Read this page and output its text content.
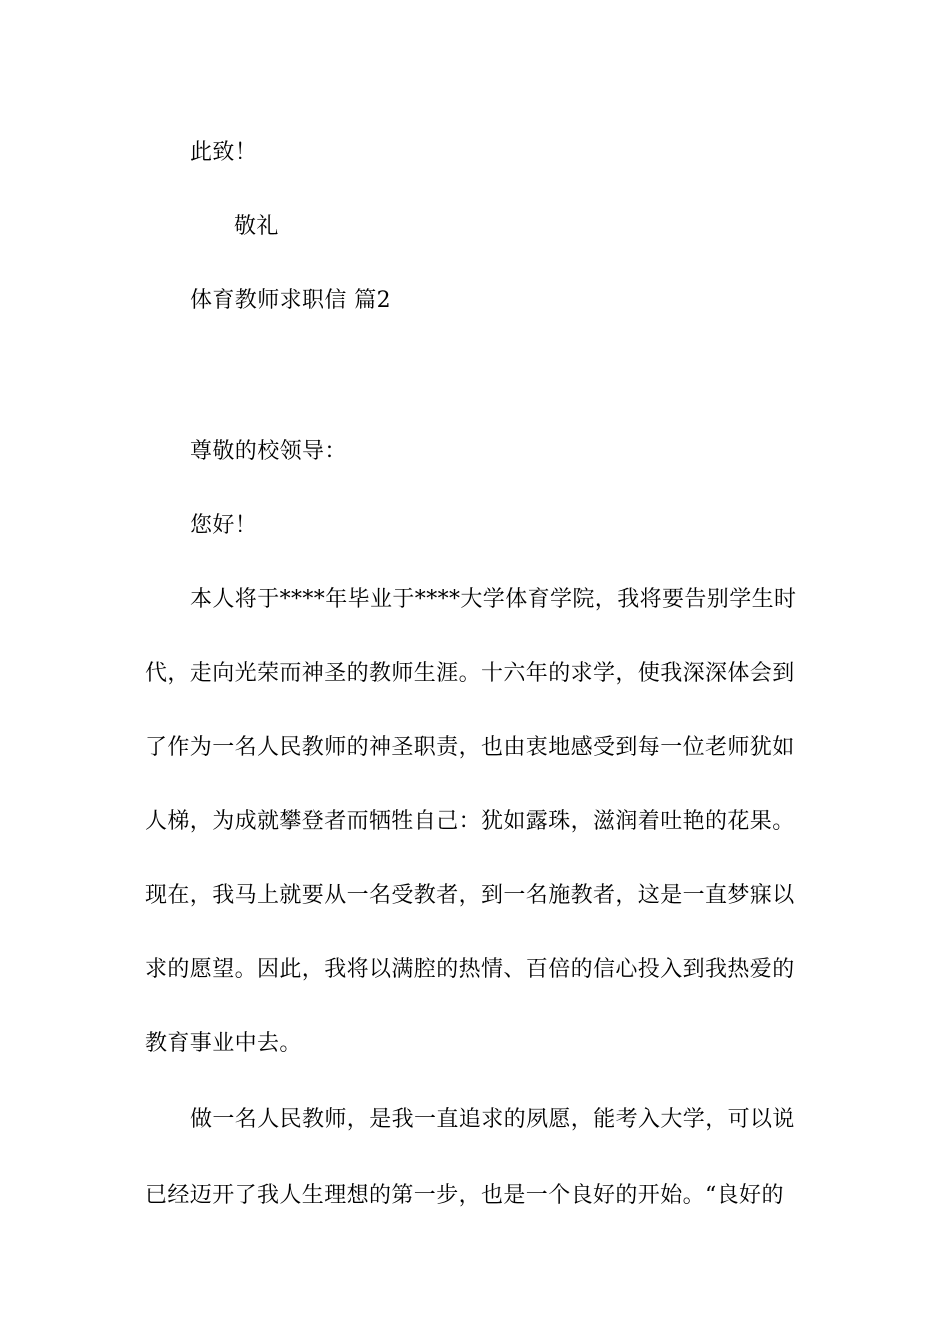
此致！
敬礼
体育教师求职信 篇2
尊敬的校领导：
您好！
本人将于****年毕业于****大学体育学院，我将要告别学生时
代，走向光荣而神圣的教师生涯。十六年的求学，使我深深体会到
了作为一名人民教师的神圣职责，也由衷地感受到每一位老师犹如
人梯，为成就攀登者而牺牲自己：犹如露珠，滋润着吐艳的花果。
现在，我马上就要从一名受教者，到一名施教者，这是一直梦寐以
求的愿望。因此，我将以满腔的热情、百倍的信心投入到我热爱的
教育事业中去。
做一名人民教师，是我一直追求的夙愿，能考入大学，可以说
已经迈开了我人生理想的第一步，也是一个良好的开始。“良好的
